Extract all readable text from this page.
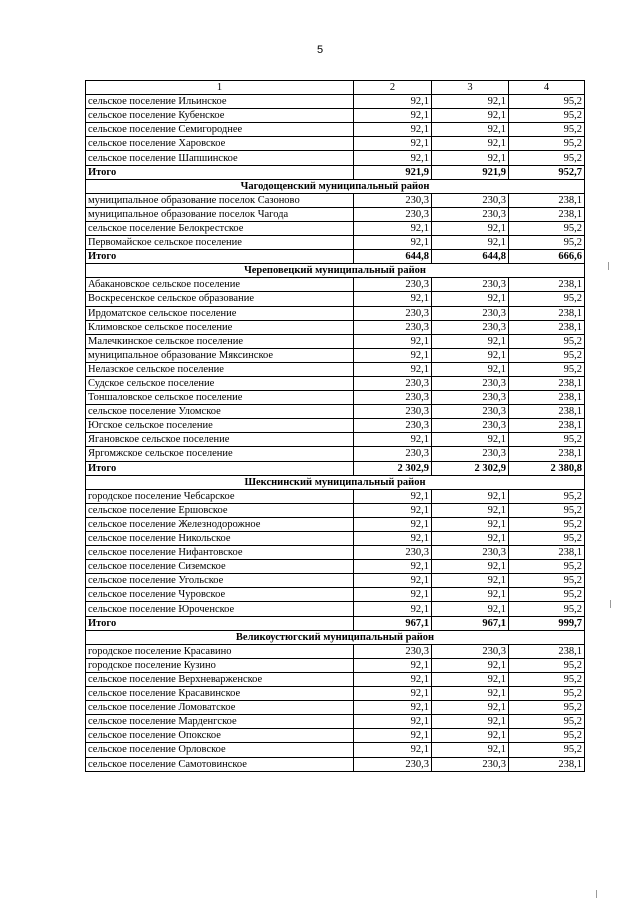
5
1	2	3	4
сельское поселение Ильинское	92,1	92,1	95,2
сельское поселение Кубенское	92,1	92,1	95,2
сельское поселение Семигороднее	92,1	92,1	95,2
сельское поселение Харовское	92,1	92,1	95,2
сельское поселение Шапшинское	92,1	92,1	95,2
Итого	921,9	921,9	952,7
Чагодощенский муниципальный район			
муниципальное образование поселок Сазоново	230,3	230,3	238,1
муниципальное образование поселок Чагода	230,3	230,3	238,1
сельское поселение Белокрестское	92,1	92,1	95,2
Первомайское сельское поселение	92,1	92,1	95,2
Итого	644,8	644,8	666,6
Череповецкий муниципальный район			
Абакановское сельское поселение	230,3	230,3	238,1
Воскресенское сельское образование	92,1	92,1	95,2
Ирдоматское сельское поселение	230,3	230,3	238,1
Климовское сельское поселение	230,3	230,3	238,1
Малечкинское сельское поселение	92,1	92,1	95,2
муниципальное образование Мяксинское	92,1	92,1	95,2
Нелазское сельское поселение	92,1	92,1	95,2
Судское сельское поселение	230,3	230,3	238,1
Тоншаловское сельское поселение	230,3	230,3	238,1
сельское поселение Уломское	230,3	230,3	238,1
Югское сельское поселение	230,3	230,3	238,1
Ягановское сельское поселение	92,1	92,1	95,2
Яргомжское сельское поселение	230,3	230,3	238,1
Итого	2 302,9	2 302,9	2 380,8
Шекснинский муниципальный район			
городское поселение Чебсарское	92,1	92,1	95,2
сельское поселение Ершовское	92,1	92,1	95,2
сельское поселение Железнодорожное	92,1	92,1	95,2
сельское поселение Никольское	92,1	92,1	95,2
сельское поселение Нифантовское	230,3	230,3	238,1
сельское поселение Сиземское	92,1	92,1	95,2
сельское поселение Угольское	92,1	92,1	95,2
сельское поселение Чуровское	92,1	92,1	95,2
сельское поселение Юроченское	92,1	92,1	95,2
Итого	967,1	967,1	999,7
Великоустюгский муниципальный район			
городское поселение Красавино	230,3	230,3	238,1
городское поселение Кузино	92,1	92,1	95,2
сельское поселение Верхневарженское	92,1	92,1	95,2
сельское поселение Красавинское	92,1	92,1	95,2
сельское поселение Ломоватское	92,1	92,1	95,2
сельское поселение Марденгское	92,1	92,1	95,2
сельское поселение Опокское	92,1	92,1	95,2
сельское поселение Орловское	92,1	92,1	95,2
сельское поселение Самотовинское	230,3	230,3	238,1
